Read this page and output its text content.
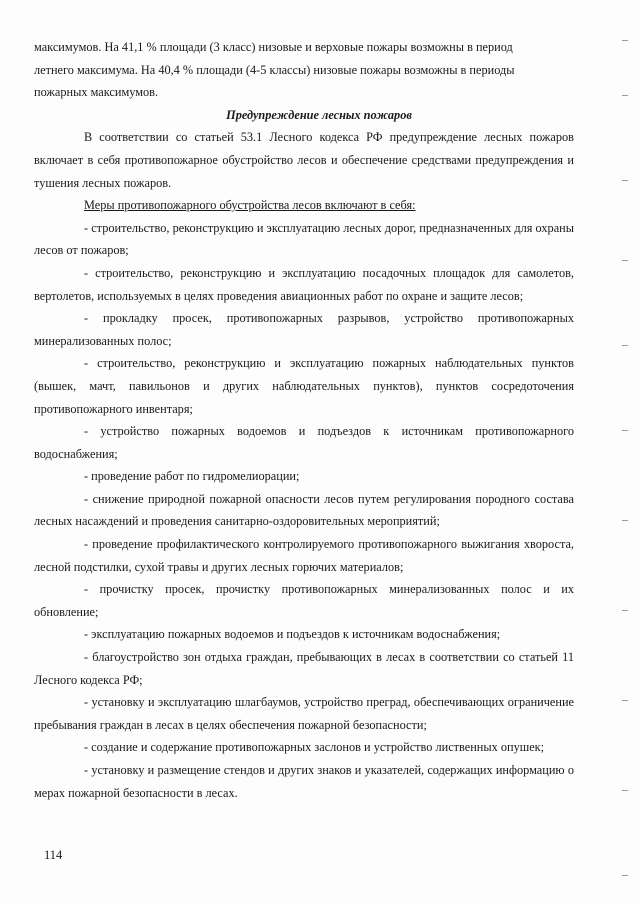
максимумов. На 41,1 % площади (3 класс) низовые и верховые пожары возможны в период

летнего максимума. На 40,4 % площади (4-5 классы) низовые пожары возможны в периоды

пожарных максимумов.

Предупреждение лесных пожаров

В соответствии со статьей 53.1 Лесного кодекса РФ предупреждение лесных пожаров включает в себя противопожарное обустройство лесов и обеспечение средствами предупреждения и тушения лесных пожаров.

Меры противопожарного обустройства лесов включают в себя:

- строительство, реконструкцию и эксплуатацию лесных дорог, предназначенных для охраны лесов от пожаров;

- строительство, реконструкцию и эксплуатацию посадочных площадок для самолетов, вертолетов, используемых в целях проведения авиационных работ по охране и защите лесов;

- прокладку просек, противопожарных разрывов, устройство противопожарных минерализованных полос;

- строительство, реконструкцию и эксплуатацию пожарных наблюдательных пунктов (вышек, мачт, павильонов и других наблюдательных пунктов), пунктов сосредоточения противопожарного инвентаря;

- устройство пожарных водоемов и подъездов к источникам противопожарного водоснабжения;

- проведение работ по гидромелиорации;

- снижение природной пожарной опасности лесов путем регулирования породного состава лесных насаждений и проведения санитарно-оздоровительных мероприятий;

- проведение профилактического контролируемого противопожарного выжигания хвороста, лесной подстилки, сухой травы и других лесных горючих материалов;

- прочистку просек, прочистку противопожарных минерализованных полос и их обновление;

- эксплуатацию пожарных водоемов и подъездов к источникам водоснабжения;

- благоустройство зон отдыха граждан, пребывающих в лесах в соответствии со статьей 11 Лесного кодекса РФ;

- установку и эксплуатацию шлагбаумов, устройство преград, обеспечивающих ограничение пребывания граждан в лесах в целях обеспечения пожарной безопасности;

- создание и содержание противопожарных заслонов и устройство лиственных опушек;

- установку и размещение стендов и других знаков и указателей, содержащих информацию о мерах пожарной безопасности в лесах.

114
